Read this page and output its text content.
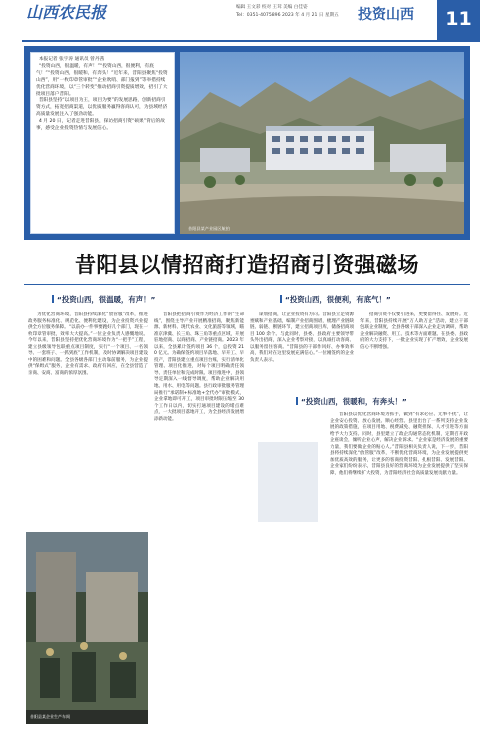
山西农民报	编辑 王文彩 校对 王茸 美编 白佳姿
Tel：0351-4075896 2023 年 4 月 21 日 星期五 投资山西	11

本报记者 张宇涛 通讯员 曾丹茜

“投资山西，很温暖，有声！”“投资山西，很便利，有底气！”“投资山西，很暖和，有奔头！”近年来，昔阳县聚焦“投资山西”，用“一枚印章管审批”“企业吹哨、部门报到”等举措持续优化营商环境，以“三个转变”推动招商引资提质增效，招引了大批项目落户昔阳。

昔阳县坚持“以项目为王，项目为要”的发展思路，创新招商引资方式，拓宽招商渠道，以优质服务赢得客商认可，为县域经济高质量发展注入了强劲动能。

4 月 20 日，记者走进昔阳县，探访招商引资“硕果”背后的故事，感受企业投资热情与发展信心。

昔阳县某产业园区航拍
昔阳县以情招商打造招商引资强磁场
“投资山西，很温暖，有声！”

为优化营商环境，昔阳县持续深化“放管服”改革，推进政务服务标准化、规范化、便利化建设，为企业投资兴业提供全方位服务保障。“以前办一件事要跑好几个部门，现在一枚印章管审批，效率大大提高。”一位企业负责人感慨地说。今年以来，昔阳县坚持把优化营商环境作为“一把手”工程，建立县级领导包联重点项目制度，实行“一个项目、一名领导、一套班子、一抓到底”工作机制，及时协调解决项目建设中的困难和问题。全县各级各部门主动靠前服务，为企业提供“保姆式”服务，企业有需求、政府有回应，在全县营造了亲商、安商、富商的浓厚氛围。

昔阳县把招商引资作为经济工作的“生命线”，围绕主导产业开展精准招商，聚焦新能源、新材料、现代农业、文化旅游等领域，瞄准京津冀、长三角、珠三角等重点区域，开展驻地招商、以商招商、产业链招商。2023 年以来，全县累计签约项目 36 个，总投资 210 亿元。为确保签约项目早落地、早开工、早投产，昔阳县建立重点项目台账，实行清单化管理、项目化推进，对每个项目明确责任领导、责任单位和完成时限。项目推进中，县领导定期深入一线督导调度，帮助企业解决用地、用水、用电等问题。县行政审批服务管理局推行“承诺制+标准地+全代办”审批模式，企业拿地即可开工，项目审批时限压缩至 30 个工作日以内，切实打通项目建设的堵点难点，一大批项目落地开工，为全县经济发展增添新动能。

“投资山西，很便利，有底气！”

谋划招商，让企业投资有方向。昔阳县立足资源禀赋和产业基础，编制产业招商图谱，梳理产业链缺链、弱链、断链环节，建立招商项目库，储备招商项目 100 余个。与此同时，县委、县政府主要领导带头外出招商，深入企业考察对接，以真诚打动客商、以服务留住客商。“昔阳县的干部作风好、办事效率高，我们对在这里发展充满信心。”一位刚签约的企业负责人表示。

招商引资不仅要引进来，更要留得住、发展好。近年来，昔阳县持续开展“万人助万企”活动，建立干部包联企业制度，全县各级干部深入企业走访调研，帮助企业解决融资、用工、技术等方面难题。在县委、县政府的大力支持下，一批企业实现了扩产增效，企业发展信心不断增强。

“投资山西，很暖和，有奔头！”

昔阳县以优化营商环境为抓手，做到“有求必应、无事不扰”，让企业安心投资、放心发展、顺心经营。县里出台了一系列支持企业发展的政策措施，在项目用地、税费减免、融资担保、人才引进等方面给予大力支持。同时，县里建立了政企沟通常态化机制，定期召开政企座谈会，倾听企业心声，解决企业诉求。“企业家是经济发展的重要力量，我们要做企业的贴心人。”昔阳县相关负责人说，下一步，昔阳县将持续深化“放管服”改革，不断优化营商环境，为企业发展提供更加优质高效的服务，让更多的客商投资昔阳、扎根昔阳、发展昔阳。企业家们纷纷表示，昔阳县良好的营商环境为企业发展提供了坚实保障，他们将继续扩大投资，为昔阳经济社会高质量发展贡献力量。

昔阳县某企业生产车间
